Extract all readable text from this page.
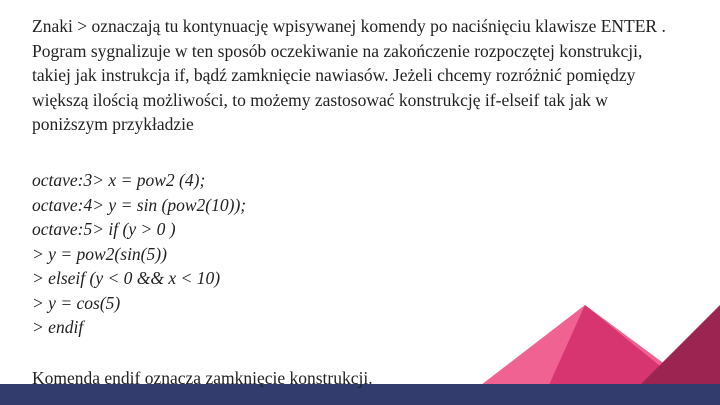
Znaki > oznaczają tu kontynuację wpisywanej komendy po naciśnięciu klawisze ENTER .
Pogram sygnalizuje w ten sposób oczekiwanie na zakończenie rozpoczętej konstrukcji,
takiej jak instrukcja if, bądź zamknięcie nawiasów. Jeżeli chcemy rozróżnić pomiędzy
większą ilością możliwości, to możemy zastosować konstrukcję if-elseif tak jak w
poniższym przykładzie
octave:3> x = pow2 (4);
octave:4> y = sin (pow2(10));
octave:5> if (y > 0 )
> y = pow2(sin(5))
> elseif (y < 0 && x < 10)
> y = cos(5)
> endif
Komenda endif oznacza zamknięcie konstrukcji.
